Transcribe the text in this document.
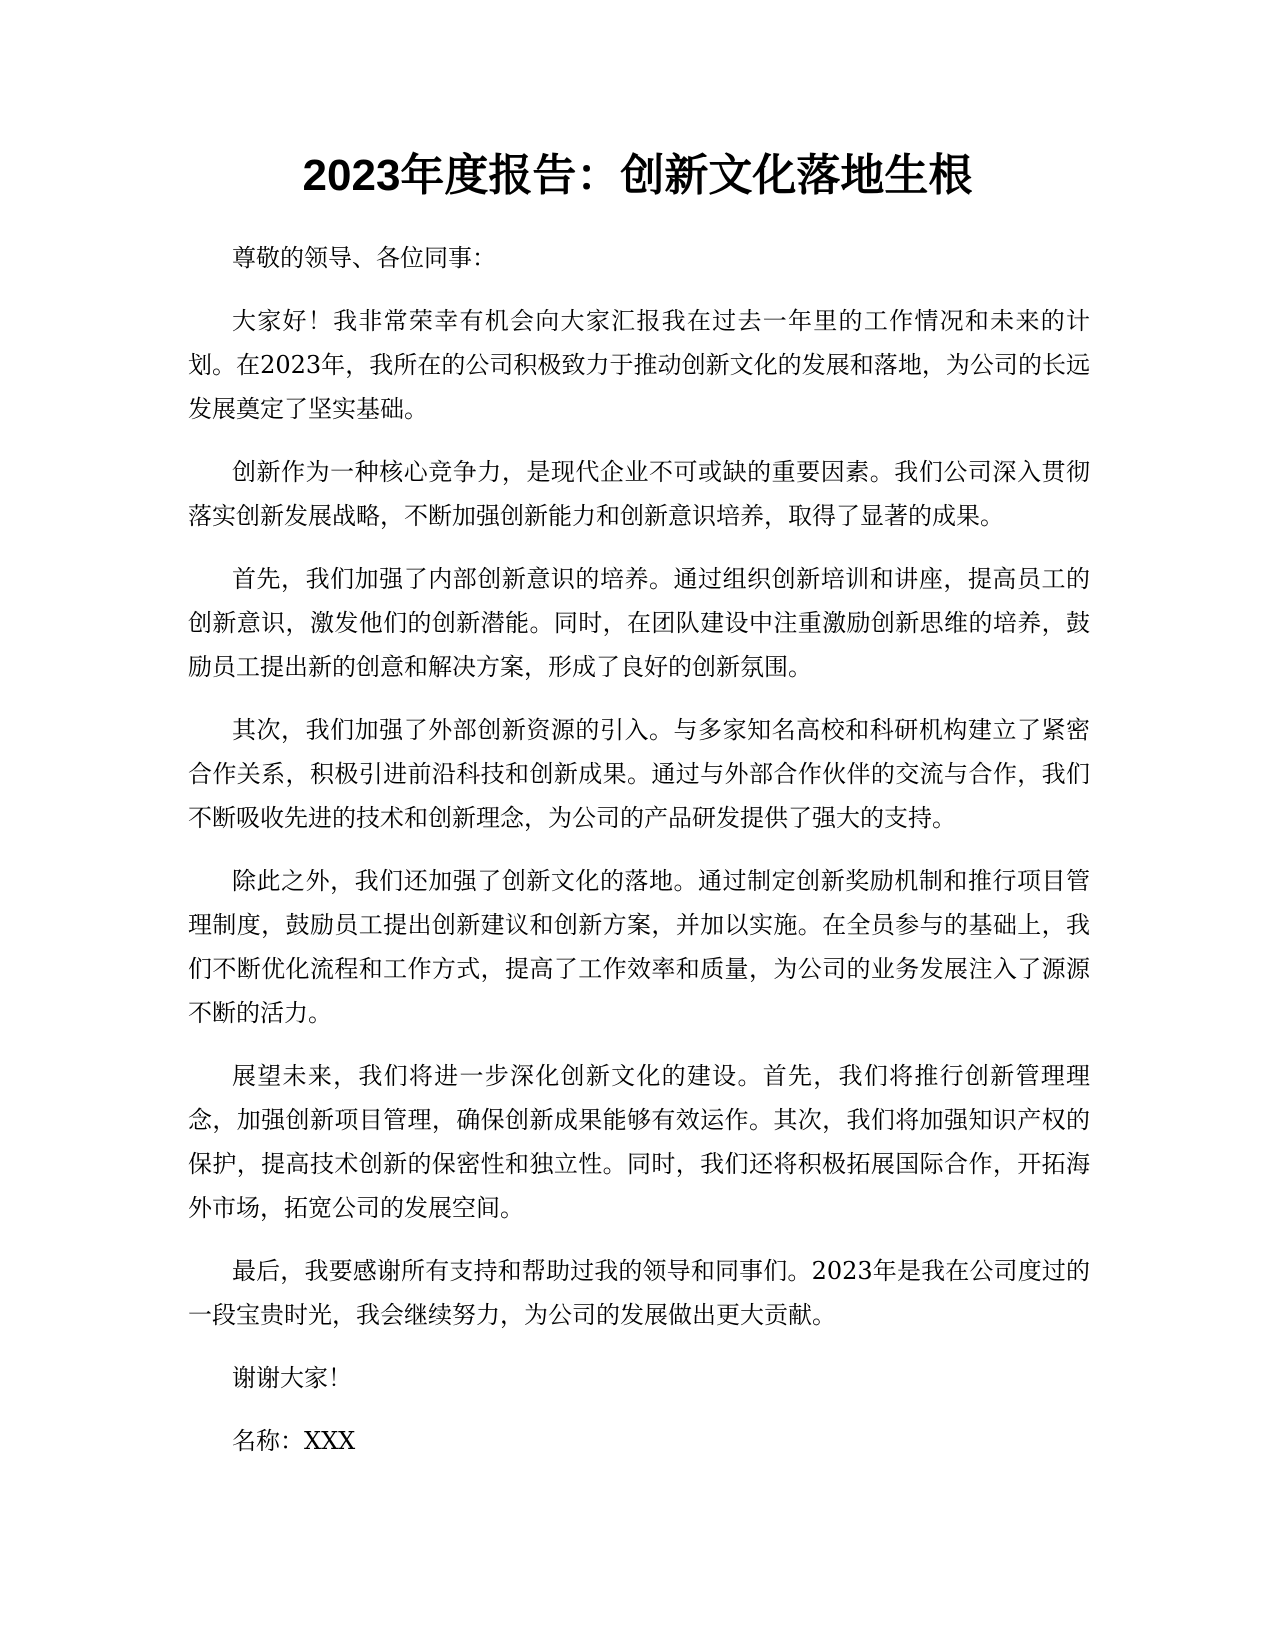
2023年度报告：创新文化落地生根

尊敬的领导、各位同事：

大家好！我非常荣幸有机会向大家汇报我在过去一年里的工作情况和未来的计划。在2023年，我所在的公司积极致力于推动创新文化的发展和落地，为公司的长远发展奠定了坚实基础。

创新作为一种核心竞争力，是现代企业不可或缺的重要因素。我们公司深入贯彻落实创新发展战略，不断加强创新能力和创新意识培养，取得了显著的成果。

首先，我们加强了内部创新意识的培养。通过组织创新培训和讲座，提高员工的创新意识，激发他们的创新潜能。同时，在团队建设中注重激励创新思维的培养，鼓励员工提出新的创意和解决方案，形成了良好的创新氛围。

其次，我们加强了外部创新资源的引入。与多家知名高校和科研机构建立了紧密合作关系，积极引进前沿科技和创新成果。通过与外部合作伙伴的交流与合作，我们不断吸收先进的技术和创新理念，为公司的产品研发提供了强大的支持。

除此之外，我们还加强了创新文化的落地。通过制定创新奖励机制和推行项目管理制度，鼓励员工提出创新建议和创新方案，并加以实施。在全员参与的基础上，我们不断优化流程和工作方式，提高了工作效率和质量，为公司的业务发展注入了源源不断的活力。

展望未来，我们将进一步深化创新文化的建设。首先，我们将推行创新管理理念，加强创新项目管理，确保创新成果能够有效运作。其次，我们将加强知识产权的保护，提高技术创新的保密性和独立性。同时，我们还将积极拓展国际合作，开拓海外市场，拓宽公司的发展空间。

最后，我要感谢所有支持和帮助过我的领导和同事们。2023年是我在公司度过的一段宝贵时光，我会继续努力，为公司的发展做出更大贡献。

谢谢大家！

名称：XXX
